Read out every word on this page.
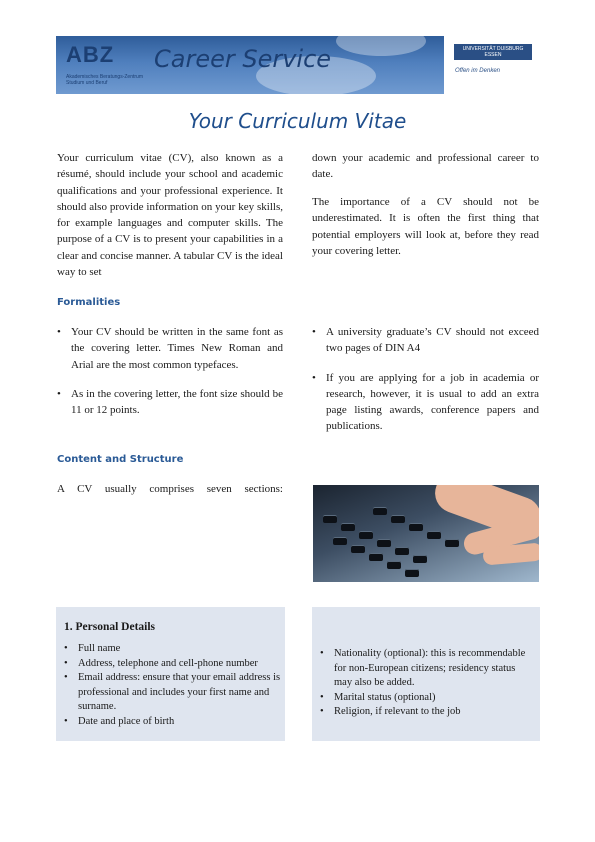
ABZ
Akademisches Beratungs-Zentrum Studium und Beruf
Career Service	UNIVERSITÄT DUISBURG ESSEN
Offen im Denken
Your Curriculum Vitae

Your curriculum vitae (CV), also known as a résumé, should include your school and academic qualifications and your professional experience. It should also provide information on your key skills, for example languages and computer skills. The purpose of a CV is to present your capabilities in a clear and concise manner. A tabular CV is the ideal way to set

down your academic and professional career to date.

The importance of a CV should not be underestimated. It is often the first thing that potential employers will look at, before they read your covering letter.

Formalities
• Your CV should be written in the same font as the covering letter. Times New Roman and Arial are the most common typefaces.
• As in the covering letter, the font size should be 11 or 12 points.
• A university graduate’s CV should not exceed two pages of DIN A4
• If you are applying for a job in academia or research, however, it is usual to add an extra page listing awards, conference papers and publications.
Content and Structure

A CV usually comprises seven sections:

1. Personal Details
• Full name
• Address, telephone and cell-phone number
• Email address: ensure that your email address is professional and includes your first name and surname.
• Date and place of birth
• Nationality (optional): this is recommendable for non-European citizens; residency status may also be added.
• Marital status (optional)
• Religion, if relevant to the job
